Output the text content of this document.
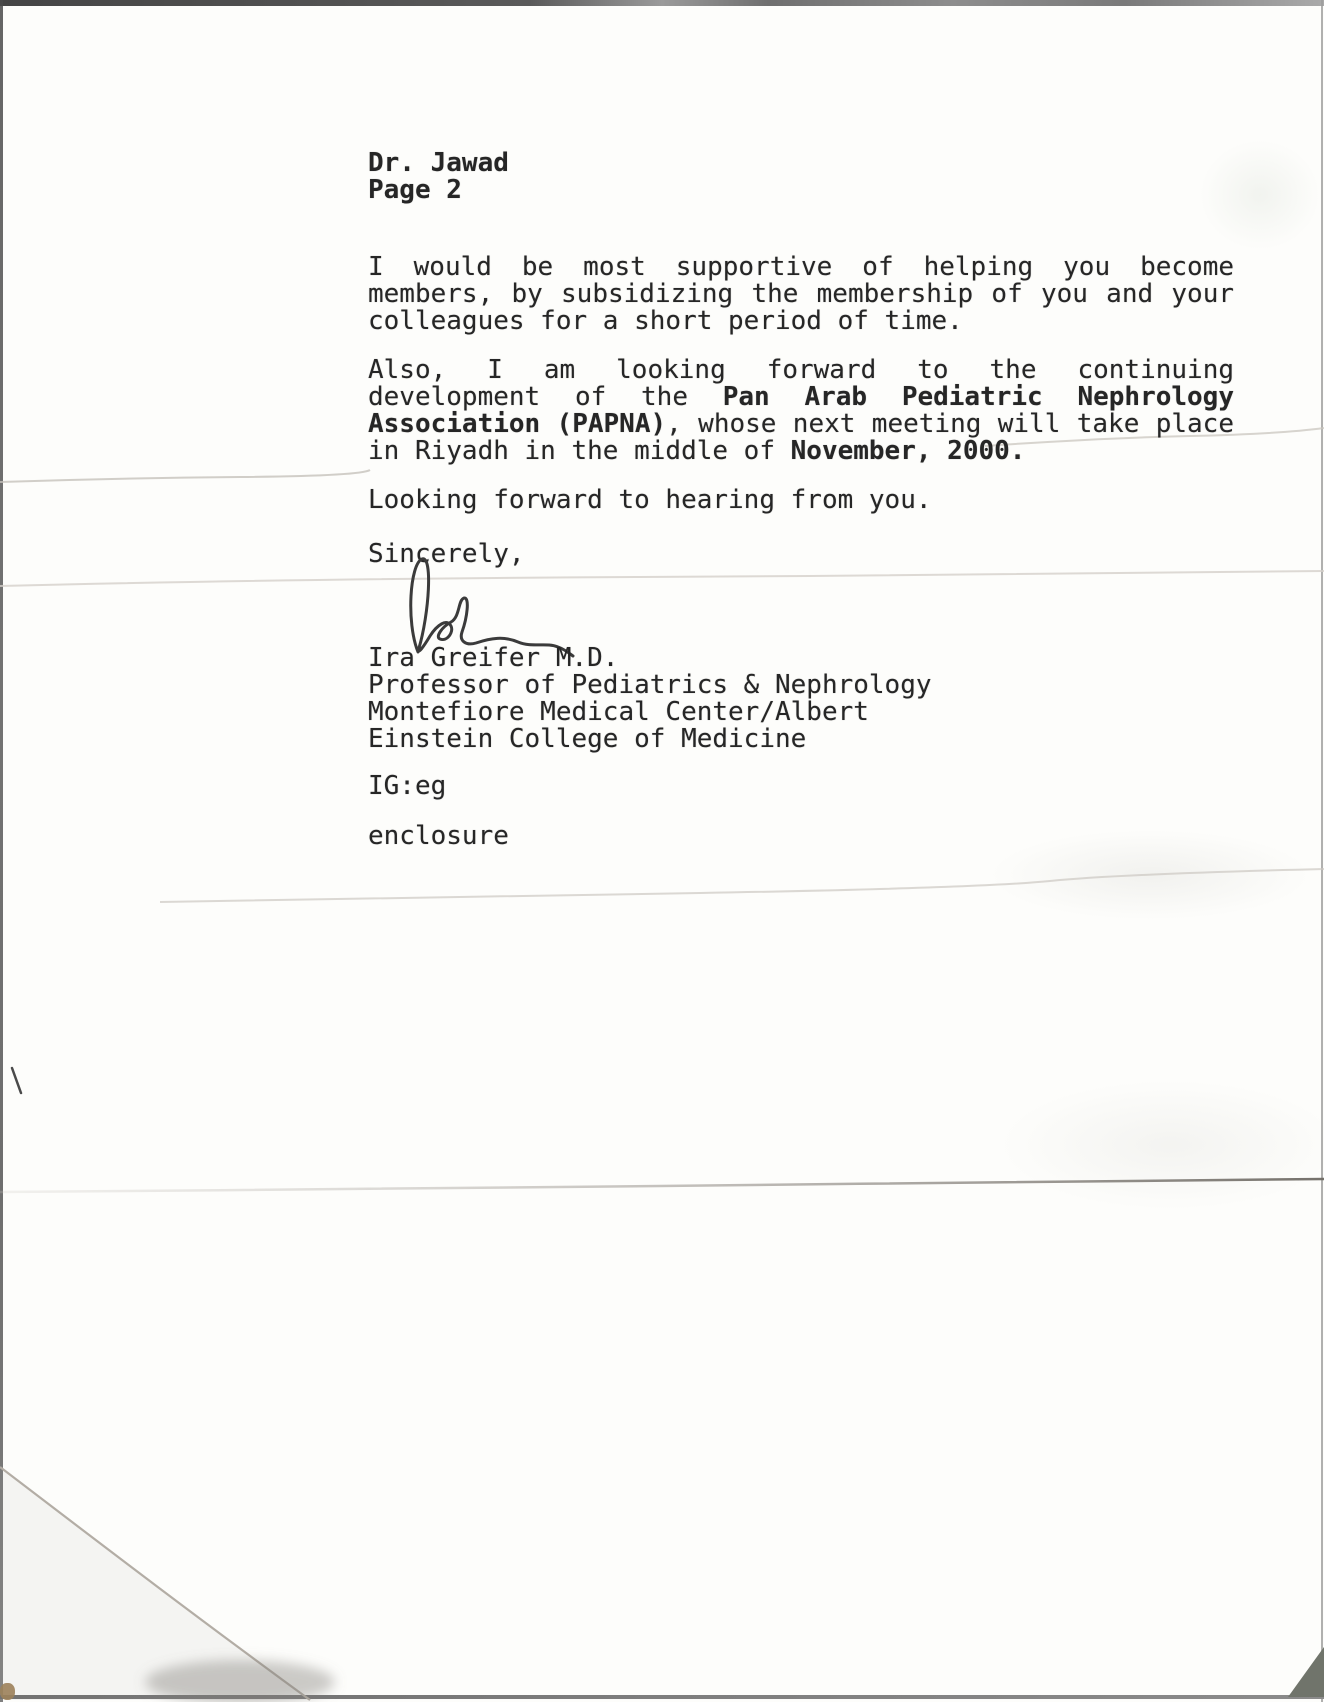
Dr. Jawad
Page 2
I would be most supportive of helping you become
members, by subsidizing the membership of you and your
colleagues for a short period of time.
Also, I am looking forward to the continuing
development of the Pan Arab Pediatric Nephrology
Association (PAPNA), whose next meeting will take place
in Riyadh in the middle of November, 2000.
Looking forward to hearing from you.
Sincerely,
Ira Greifer M.D.
Professor of Pediatrics & Nephrology
Montefiore Medical Center/Albert
Einstein College of Medicine
IG:eg
enclosure
